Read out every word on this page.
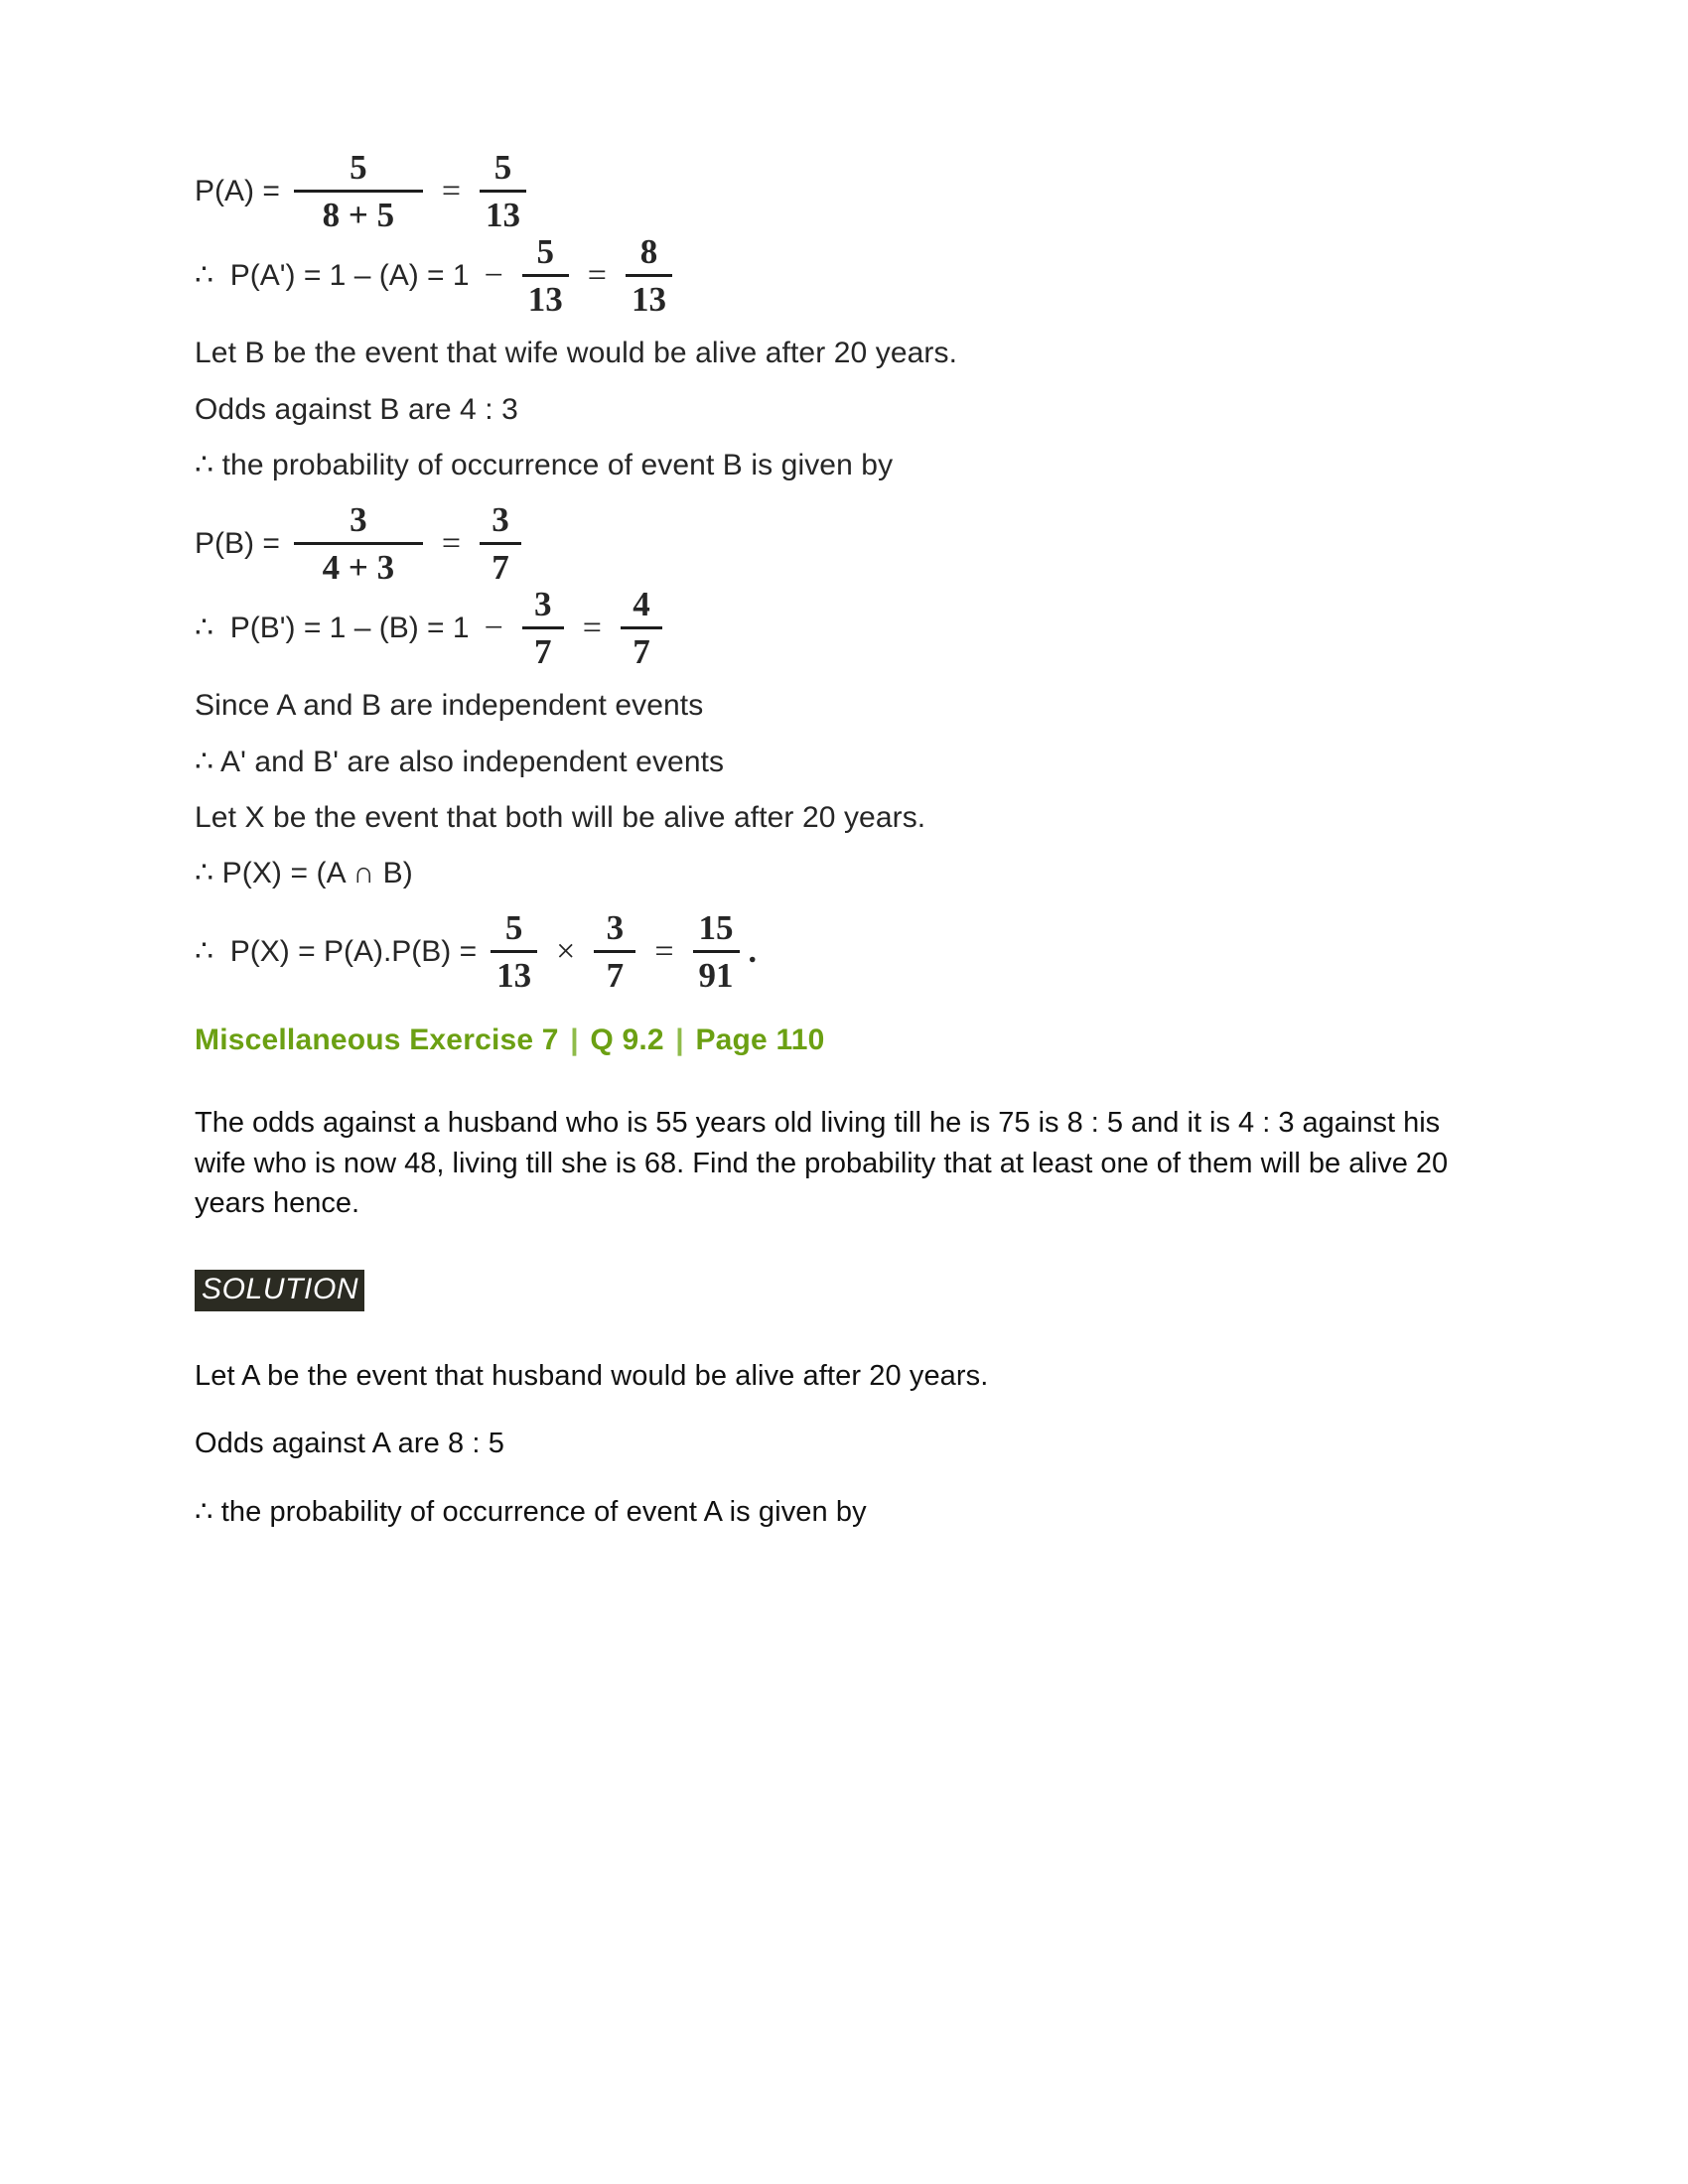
$P(A) = \frac{5}{8 + 5} = \frac{5}{13}$
∴  $P(A') = 1 - (A) = 1 - \frac{5}{13} = \frac{8}{13}$
Let B be the event that wife would be alive after 20 years.
Odds against B are 4 : 3
∴ the probability of occurrence of event B is given by
$P(B) = \frac{3}{4 + 3} = \frac{3}{7}$
∴  $P(B') = 1 - (B) = 1 - \frac{3}{7} = \frac{4}{7}$
Since A and B are independent events
∴ A' and B' are also independent events
Let X be the event that both will be alive after 20 years.
∴ P(X) = (A ∩ B)
∴  $P(X) = P(A).P(B) = \frac{5}{13} \times \frac{3}{7} = \frac{15}{91}$ .
Miscellaneous Exercise 7 | Q 9.2 | Page 110
The odds against a husband who is 55 years old living till he is 75 is 8 : 5 and it is 4 : 3 against his wife who is now 48, living till she is 68. Find the probability that at least one of them will be alive 20 years hence.
SOLUTION
Let A be the event that husband would be alive after 20 years.
Odds against A are 8 : 5
∴ the probability of occurrence of event A is given by
